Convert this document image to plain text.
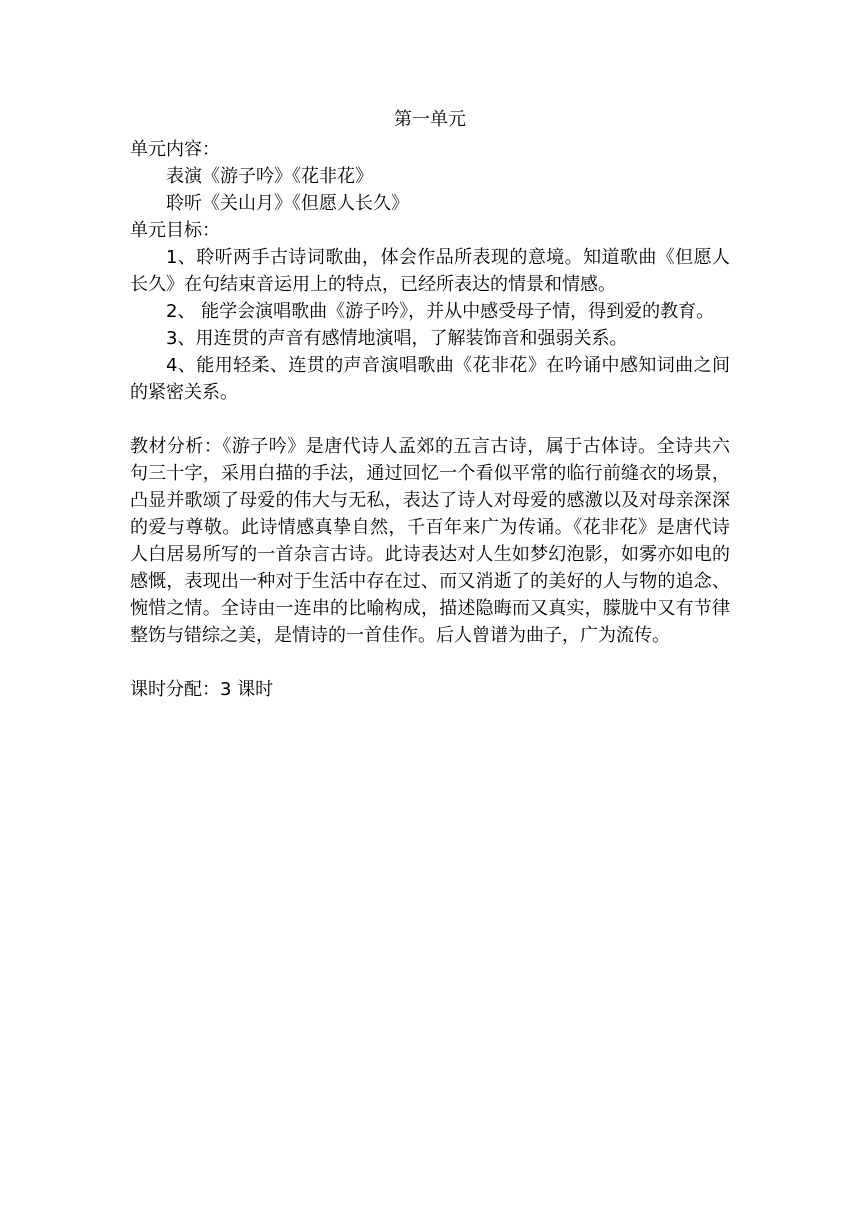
第一单元
单元内容：
表演《游子吟》《花非花》
聆听《关山月》《但愿人长久》
单元目标：

1、聆听两手古诗词歌曲，体会作品所表现的意境。知道歌曲《但愿人长久》在句结束音运用上的特点，已经所表达的情景和情感。

2、 能学会演唱歌曲《游子吟》，并从中感受母子情，得到爱的教育。

3、用连贯的声音有感情地演唱，了解装饰音和强弱关系。

4、能用轻柔、连贯的声音演唱歌曲《花非花》在吟诵中感知词曲之间的紧密关系。

教材分析：《游子吟》是唐代诗人孟郊的五言古诗，属于古体诗。全诗共六句三十字，采用白描的手法，通过回忆一个看似平常的临行前缝衣的场景，凸显并歌颂了母爱的伟大与无私，表达了诗人对母爱的感激以及对母亲深深的爱与尊敬。此诗情感真挚自然，千百年来广为传诵。《花非花》是唐代诗人白居易所写的一首杂言古诗。此诗表达对人生如梦幻泡影，如雾亦如电的感慨，表现出一种对于生活中存在过、而又消逝了的美好的人与物的追念、惋惜之情。全诗由一连串的比喻构成，描述隐晦而又真实，朦胧中又有节律整饬与错综之美，是情诗的一首佳作。后人曾谱为曲子，广为流传。

课时分配：3 课时
